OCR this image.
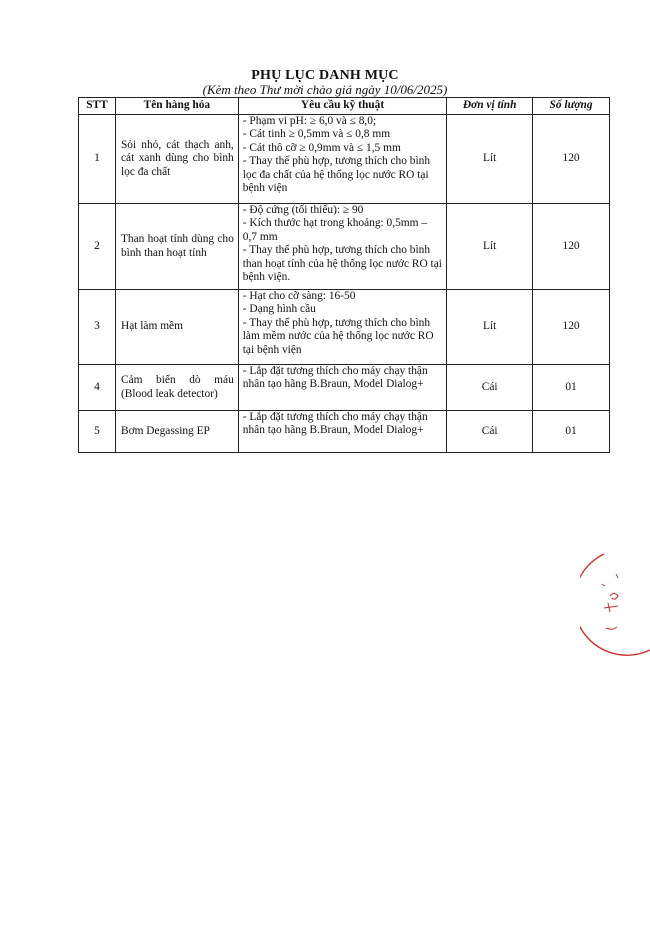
PHỤ LỤC DANH MỤC
(Kèm theo Thư mời chào giá ngày 10/06/2025)
STT	Tên hàng hóa	Yêu cầu kỹ thuật	Đơn vị tính	Số lượng
1	Sỏi nhỏ, cát thạch anh, cát xanh dùng cho bình lọc đa chất	- Phạm vi pH: ≥ 6,0 và ≤ 8,0;
- Cát tinh ≥ 0,5mm và ≤ 0,8 mm
- Cát thô cỡ ≥ 0,9mm và ≤ 1,5 mm
- Thay thế phù hợp, tương thích cho bình lọc đa chất của hệ thống lọc nước RO tại bệnh viện	Lít	120
2	Than hoạt tính dùng cho bình than hoạt tính	- Độ cứng (tối thiểu): ≥ 90
- Kích thước hạt trong khoảng: 0,5mm – 0,7 mm
- Thay thế phù hợp, tương thích cho bình than hoạt tính của hệ thống lọc nước RO tại bệnh viện.	Lít	120
3	Hạt làm mềm	- Hạt cho cỡ sàng: 16-50
- Dạng hình cầu
- Thay thế phù hợp, tương thích cho bình làm mềm nước của hệ thống lọc nước RO tại bệnh viện	Lít	120
4	Cảm biến dò máu (Blood leak detector)	- Lắp đặt tương thích cho máy chạy thận nhân tạo hãng B.Braun, Model Dialog+	Cái	01
5	Bơm Degassing EP	- Lắp đặt tương thích cho máy chạy thận nhân tạo hãng B.Braun, Model Dialog+	Cái	01
